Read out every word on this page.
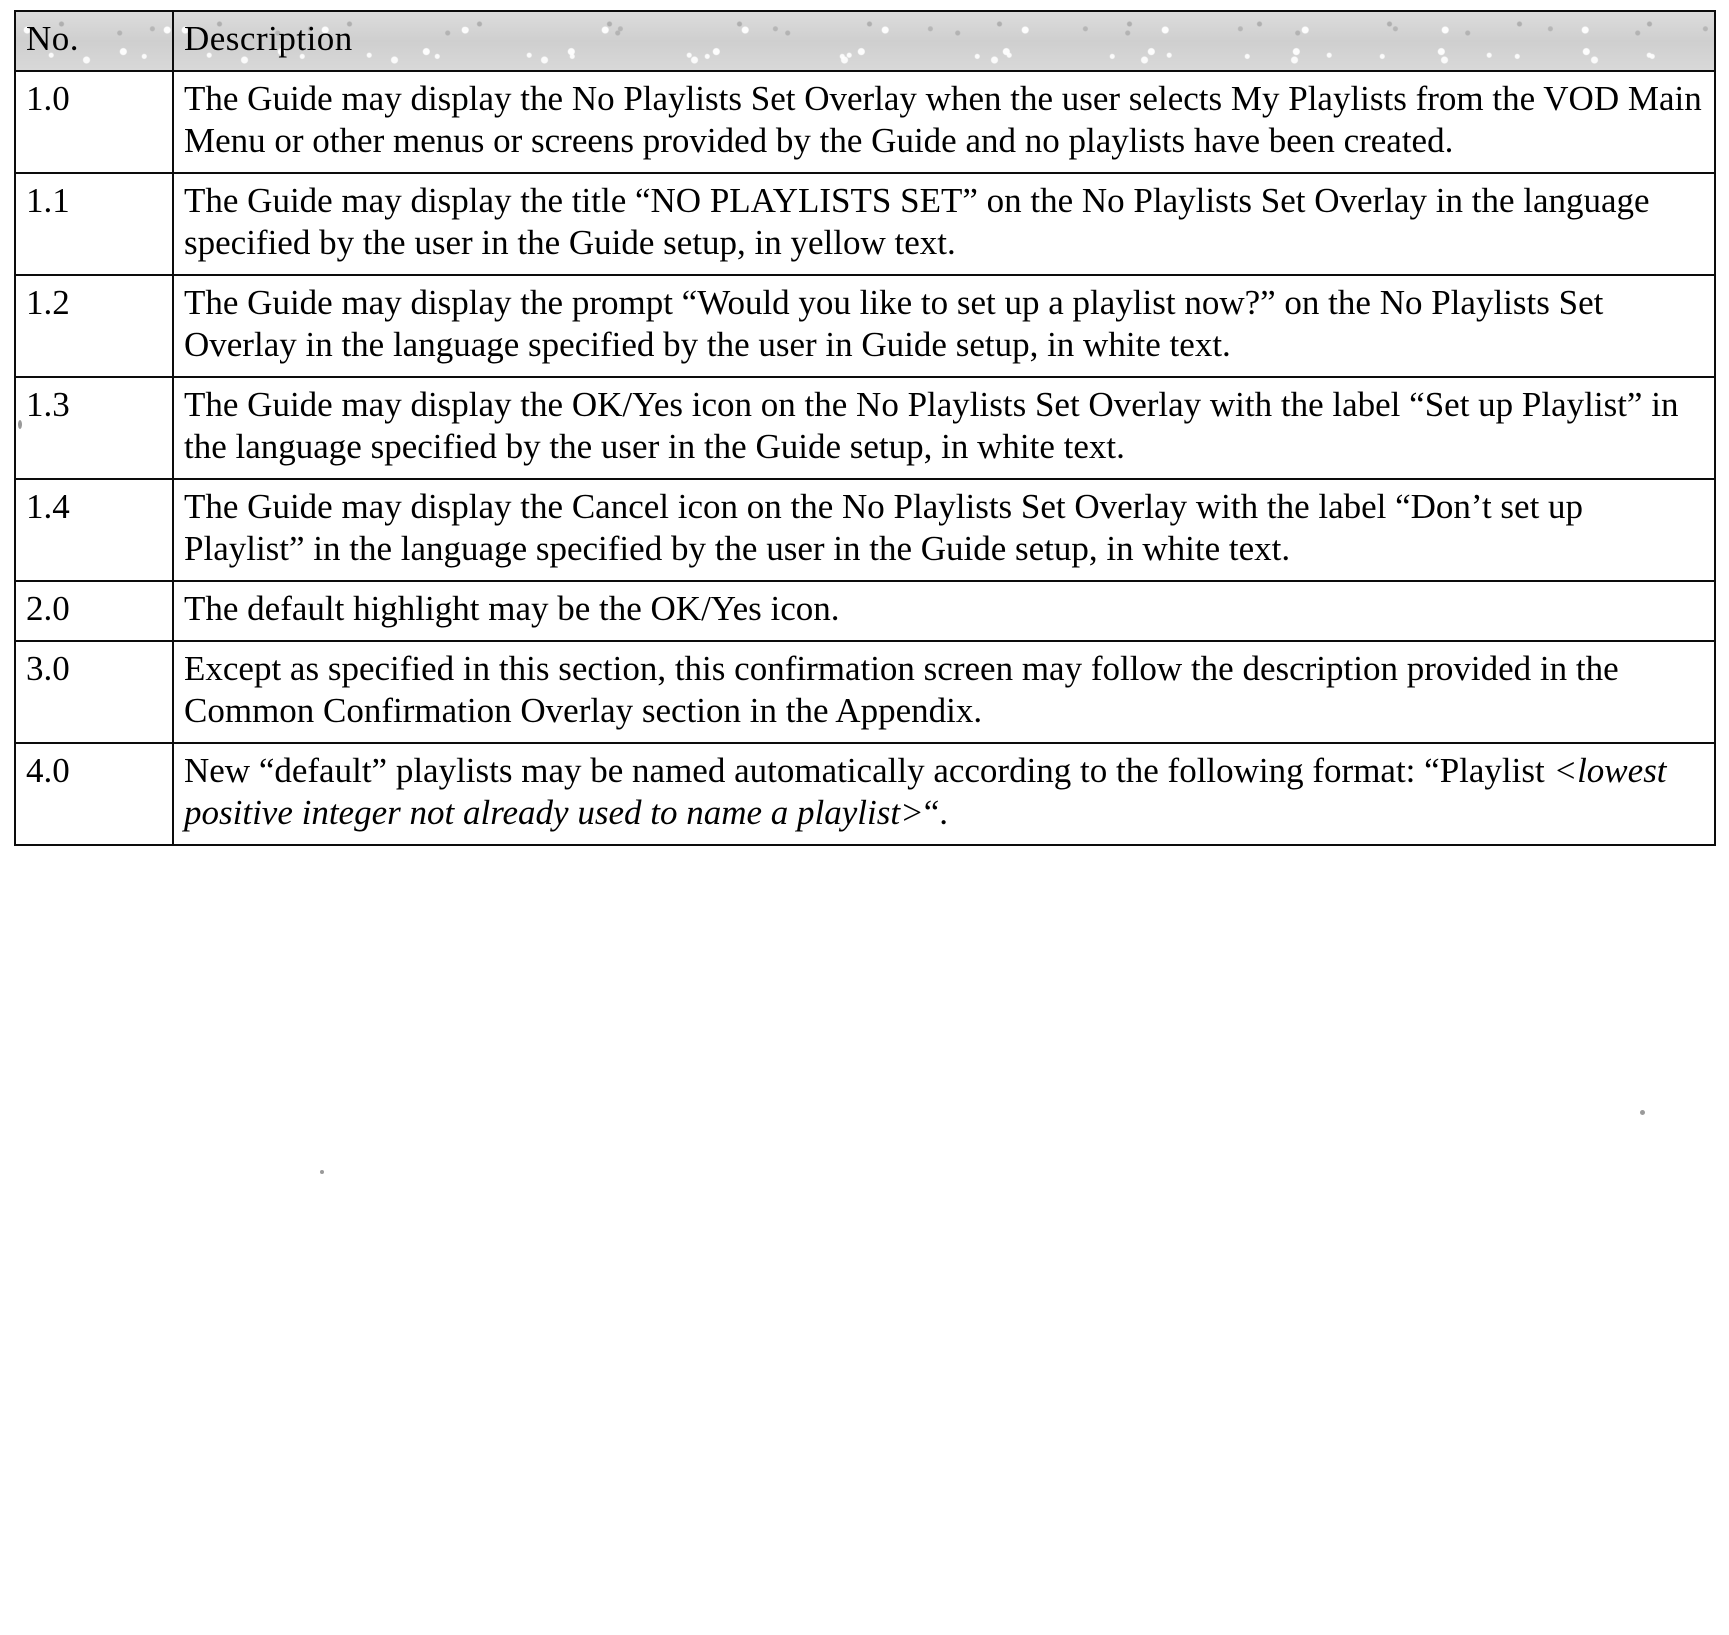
No.	Description
1.0	The Guide may display the No Playlists Set Overlay when the user selects My Playlists from the VOD Main Menu or other menus or screens provided by the Guide and no playlists have been created.
1.1	The Guide may display the title “NO PLAYLISTS SET” on the No Playlists Set Overlay in the language specified by the user in the Guide setup, in yellow text.
1.2	The Guide may display the prompt “Would you like to set up a playlist now?” on the No Playlists Set Overlay in the language specified by the user in Guide setup, in white text.
1.3	The Guide may display the OK/Yes icon on the No Playlists Set Overlay with the label “Set up Playlist” in the language specified by the user in the Guide setup, in white text.
1.4	The Guide may display the Cancel icon on the No Playlists Set Overlay with the label “Don’t set up Playlist” in the language specified by the user in the Guide setup, in white text.
2.0	The default highlight may be the OK/Yes icon.
3.0	Except as specified in this section, this confirmation screen may follow the description provided in the Common Confirmation Overlay section in the Appendix.
4.0	New “default” playlists may be named automatically according to the following format: “Playlist <lowest positive integer not already used to name a playlist>“.
